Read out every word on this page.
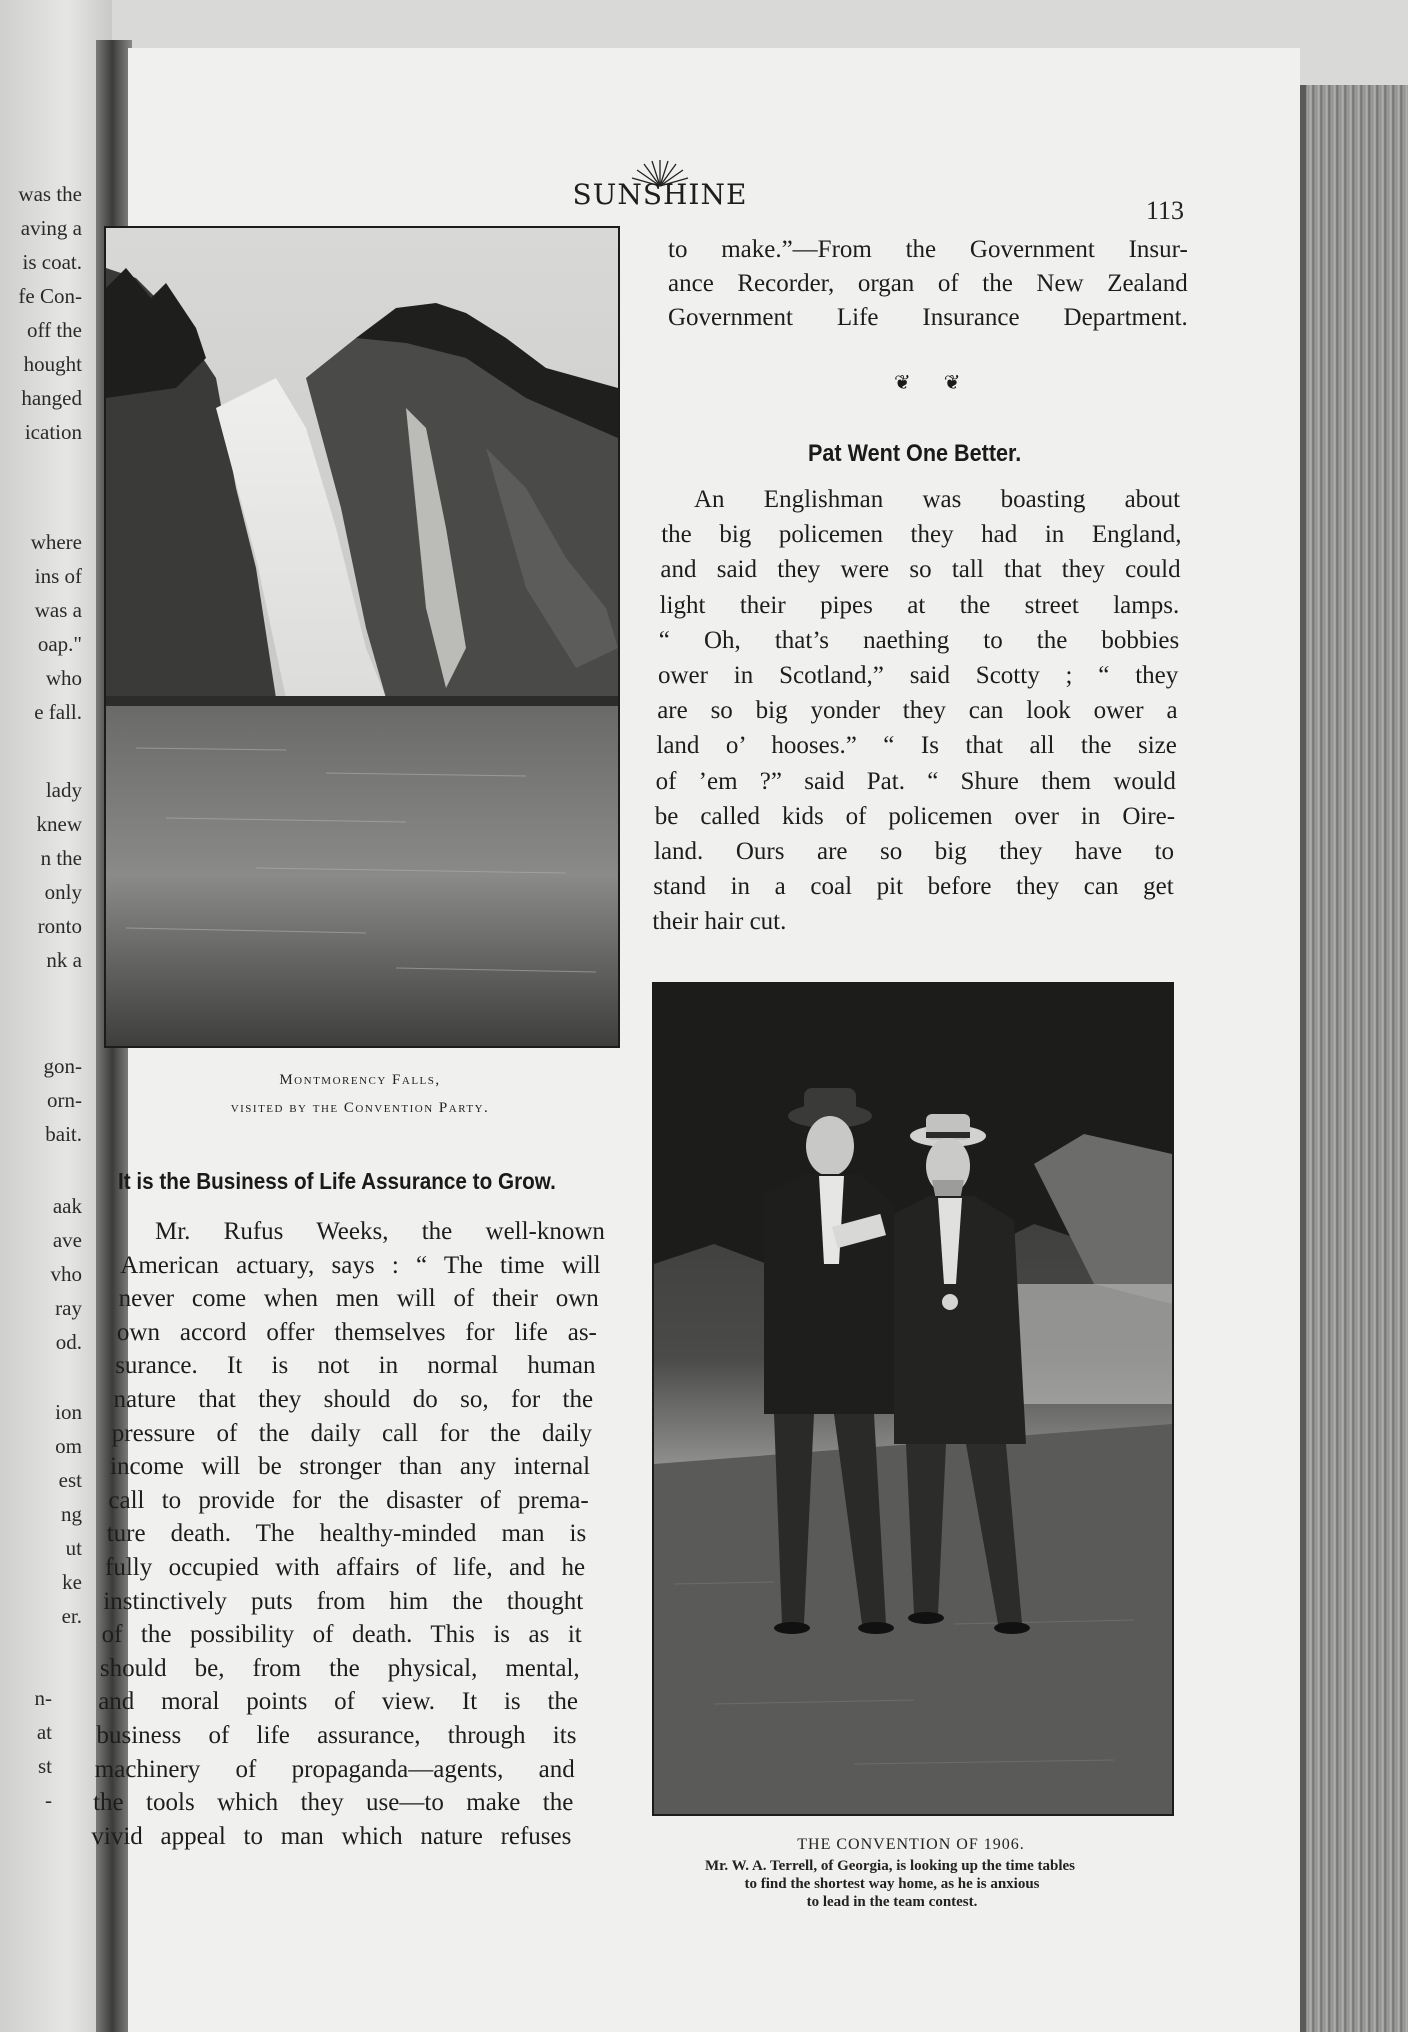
was the
aving a
is coat.
fe Con-
off the
hought
hanged
ication
where
ins of
was a
oap."
who
e fall.
lady
knew
n the
only
ronto
nk a
gon-
orn-
bait.
aak
ave
vho
ray
od.
ion
om
est
ng
ut
ke
er.
n-
at
st
-
SUNSHINE	113
Montmorency Falls,
visited by the Convention Party.
It is the Business of Life Assurance to Grow.
Mr. Rufus Weeks, the well-known
American actuary, says : “ The time will
never come when men will of their own
own accord offer themselves for life as-
surance. It is not in normal human
nature that they should do so, for the
pressure of the daily call for the daily
income will be stronger than any internal
call to provide for the disaster of prema-
ture death. The healthy-minded man is
fully occupied with affairs of life, and he
instinctively puts from him the thought
of the possibility of death. This is as it
should be, from the physical, mental,
and moral points of view. It is the
business of life assurance, through its
machinery of propaganda—agents, and
the tools which they use—to make the
vivid appeal to man which nature refuses
to make.”—From the Government Insur-
ance Recorder, organ of the New Zealand
Government Life Insurance Department.
❦ ❦
Pat Went One Better.
An Englishman was boasting about
the big policemen they had in England,
and said they were so tall that they could
light their pipes at the street lamps.
“ Oh, that’s naething to the bobbies
ower in Scotland,” said Scotty ; “ they
are so big yonder they can look ower a
land o’ hooses.” “ Is that all the size
of ’em ?” said Pat. “ Shure them would
be called kids of policemen over in Oire-
land. Ours are so big they have to
stand in a coal pit before they can get
their hair cut.
THE CONVENTION OF 1906.
Mr. W. A. Terrell, of Georgia, is looking up the time tables
to find the shortest way home, as he is anxious
to lead in the team contest.
